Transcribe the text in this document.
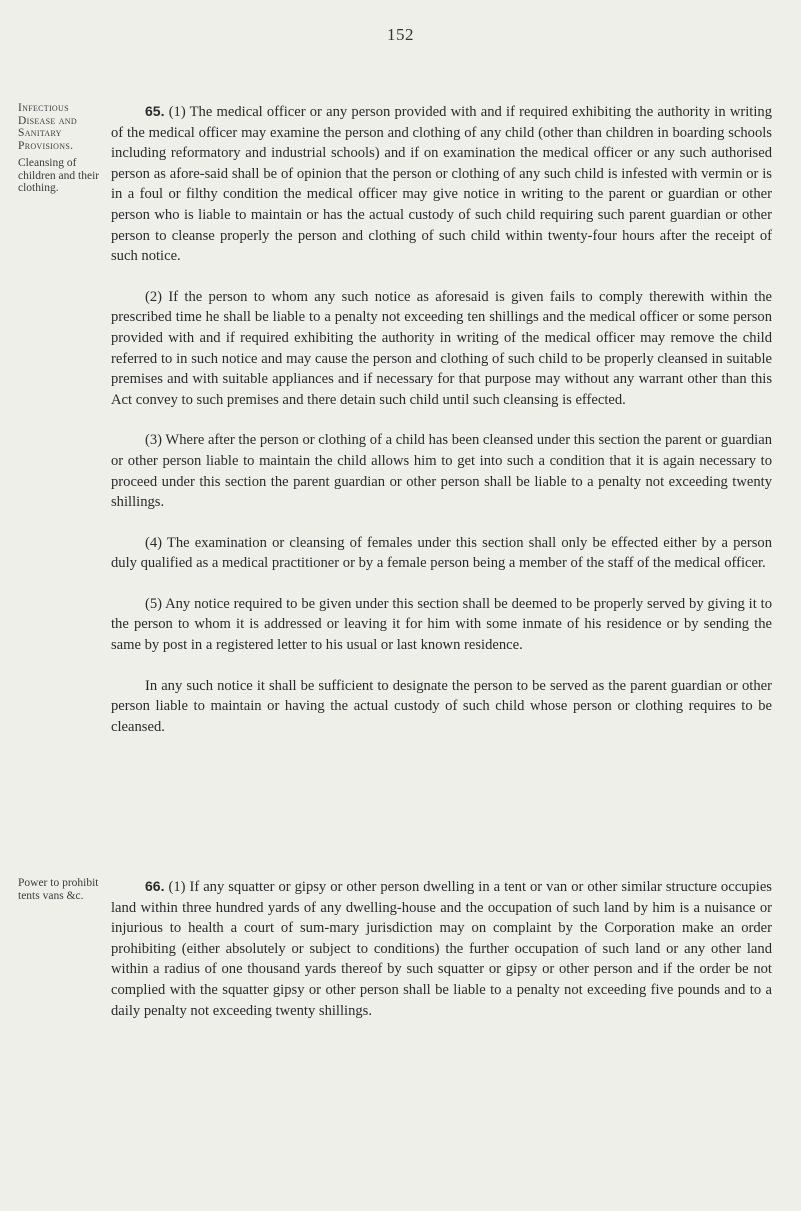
152
Infectious
Disease and
Sanitary
Provisions.
Cleansing of children and their clothing.
Power to prohibit tents vans &c.

65. (1) The medical officer or any person provided with and if required exhibiting the authority in writing of the medical officer may examine the person and clothing of any child (other than children in boarding schools including reformatory and industrial schools) and if on examination the medical officer or any such authorised person as afore-said shall be of opinion that the person or clothing of any such child is infested with vermin or is in a foul or filthy condition the medical officer may give notice in writing to the parent or guardian or other person who is liable to maintain or has the actual custody of such child requiring such parent guardian or other person to cleanse properly the person and clothing of such child within twenty-four hours after the receipt of such notice.

(2) If the person to whom any such notice as aforesaid is given fails to comply therewith within the prescribed time he shall be liable to a penalty not exceeding ten shillings and the medical officer or some person provided with and if required exhibiting the authority in writing of the medical officer may remove the child referred to in such notice and may cause the person and clothing of such child to be properly cleansed in suitable premises and with suitable appliances and if necessary for that purpose may without any warrant other than this Act convey to such premises and there detain such child until such cleansing is effected.

(3) Where after the person or clothing of a child has been cleansed under this section the parent or guardian or other person liable to maintain the child allows him to get into such a condition that it is again necessary to proceed under this section the parent guardian or other person shall be liable to a penalty not exceeding twenty shillings.

(4) The examination or cleansing of females under this section shall only be effected either by a person duly qualified as a medical practitioner or by a female person being a member of the staff of the medical officer.

(5) Any notice required to be given under this section shall be deemed to be properly served by giving it to the person to whom it is addressed or leaving it for him with some inmate of his residence or by sending the same by post in a registered letter to his usual or last known residence.

In any such notice it shall be sufficient to designate the person to be served as the parent guardian or other person liable to maintain or having the actual custody of such child whose person or clothing requires to be cleansed.

66. (1) If any squatter or gipsy or other person dwelling in a tent or van or other similar structure occupies land within three hundred yards of any dwelling-house and the occupation of such land by him is a nuisance or injurious to health a court of sum-mary jurisdiction may on complaint by the Corporation make an order prohibiting (either absolutely or subject to conditions) the further occupation of such land or any other land within a radius of one thousand yards thereof by such squatter or gipsy or other person and if the order be not complied with the squatter gipsy or other person shall be liable to a penalty not exceeding five pounds and to a daily penalty not exceeding twenty shillings.
